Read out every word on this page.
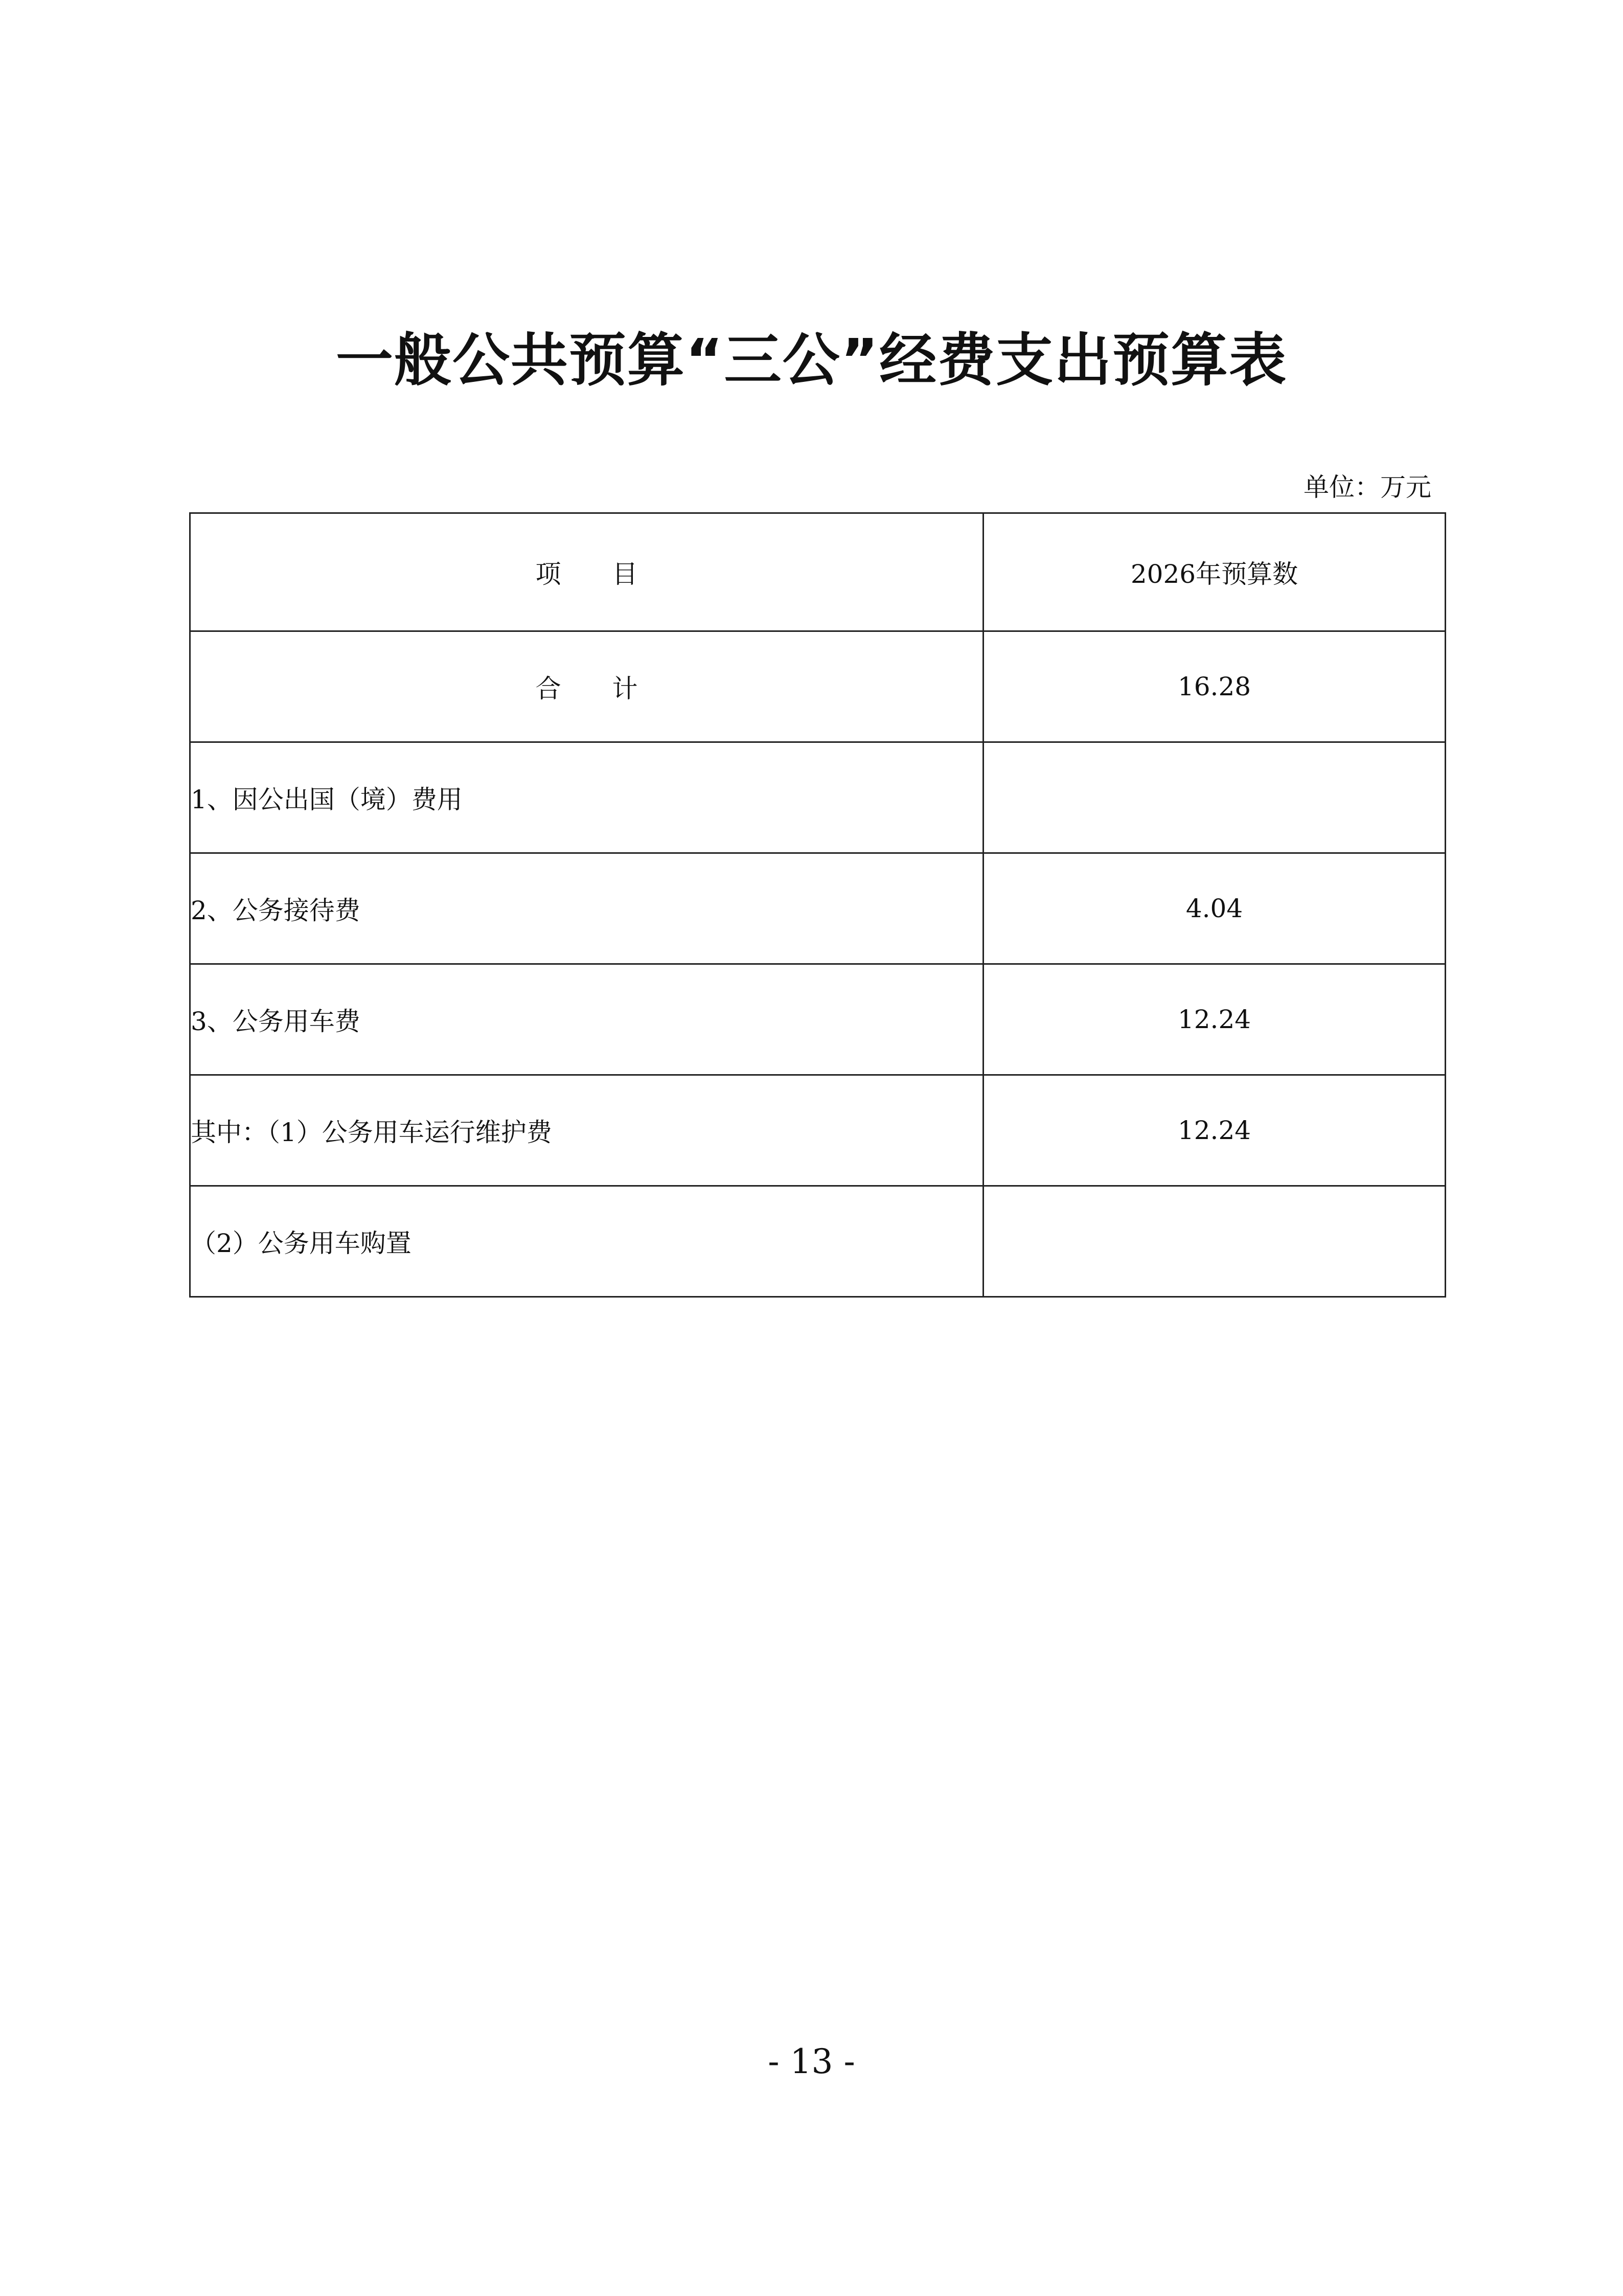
一般公共预算“三公”经费支出预算表
单位：万元
项目	2026年预算数
合计	16.28
1、因公出国（境）费用	
2、公务接待费	4.04
3、公务用车费	12.24
其中：（1）公务用车运行维护费	12.24
（2）公务用车购置	
- 13 -
